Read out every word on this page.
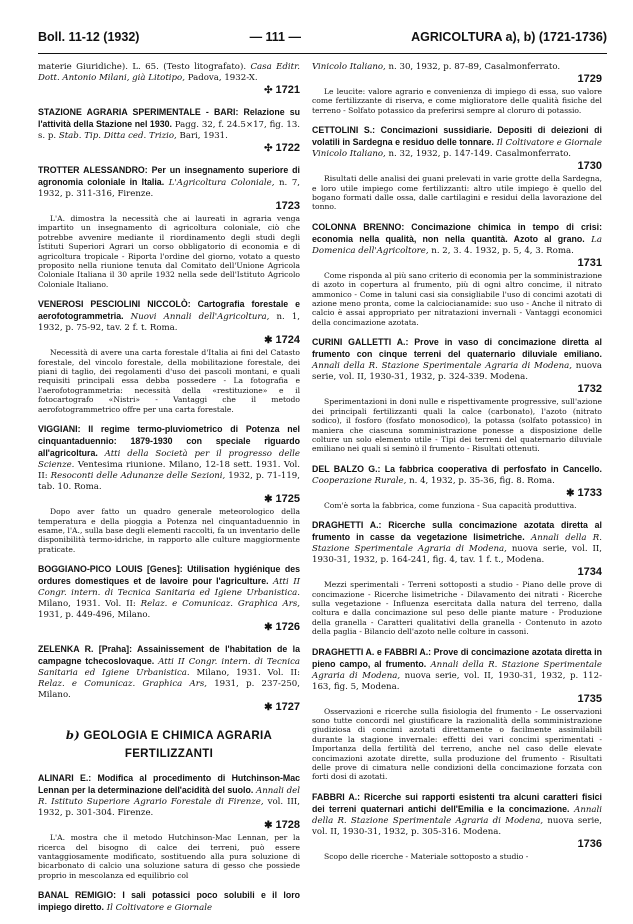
Boll. 11-12 (1932)	— 111 —	AGRICOLTURA a), b) (1721-1736)
materie Giuridiche). L. 65. (Testo litografato). Casa Editr. Dott. Antonio Milani, già Litotipo, Padova, 1932-X.
✣ 1721
STAZIONE AGRARIA SPERIMENTALE - BARI: Relazione su l'attività della Stazione nel 1930. Pagg. 32, f. 24.5×17, fig. 13. s. p. Stab. Tip. Ditta ced. Trizio, Bari, 1931.
✣ 1722
TROTTER ALESSANDRO: Per un insegnamento superiore di agronomia coloniale in Italia. L'Agricoltura Coloniale, n. 7, 1932, p. 311-316, Firenze.
1723
L'A. dimostra la necessità che ai laureati in agraria venga impartito un insegnamento di agricoltura coloniale, ciò che potrebbe avvenire mediante il riordinamento degli studi degli Istituti Superiori Agrari un corso obbligatorio di economia e di agricoltura tropicale - Riporta l'ordine del giorno, votato a questo proposito nella riunione tenuta dal Comitato dell'Unione Agricola Coloniale Italiana il 30 aprile 1932 nella sede dell'Istituto Agricolo Coloniale Italiano.
VENEROSI PESCIOLINI NICCOLÒ: Cartografia forestale e aerofotogrammetria. Nuovi Annali dell'Agricoltura, n. 1, 1932, p. 75-92, tav. 2 f. t. Roma.
✱ 1724
Necessità di avere una carta forestale d'Italia ai fini del Catasto forestale, del vincolo forestale, della mobilitazione forestale, dei piani di taglio, dei regolamenti d'uso dei pascoli montani, e quali requisiti principali essa debba possedere - La fotografia e l'aerofotogrammetria: necessità della «restituzione» e il fotocartografo «Nistri» - Vantaggi che il metodo aerofotogrammetrico offre per una carta forestale.
VIGGIANI: Il regime termo-pluviometrico di Potenza nel cinquantaduennio: 1879-1930 con speciale riguardo all'agricoltura. Atti della Società per il progresso delle Scienze. Ventesima riunione. Milano, 12-18 sett. 1931. Vol. II: Resoconti delle Adunanze delle Sezioni, 1932, p. 71-119, tab. 10. Roma.
✱ 1725
Dopo aver fatto un quadro generale meteorologico della temperatura e della pioggia a Potenza nel cinquantaduennio in esame, l'A., sulla base degli elementi raccolti, fa un inventario delle disponibilità termo-idriche, in rapporto alle culture maggiormente praticate.
BOGGIANO-PICO LOUIS [Genes]: Utilisation hygiénique des ordures domestiques et de lavoire pour l'agriculture. Atti II Congr. intern. di Tecnica Sanitaria ed Igiene Urbanistica. Milano, 1931. Vol. II: Relaz. e Comunicaz. Graphica Ars, 1931, p. 449-496, Milano.
✱ 1726
ZELENKA R. [Praha]: Assainissement de l'habitation de la campagne tchecoslovaque. Atti II Congr. intern. di Tecnica Sanitaria ed Igiene Urbanistica. Milano, 1931. Vol. II: Relaz. e Comunicaz. Graphica Ars, 1931, p. 237-250, Milano.
✱ 1727
b) GEOLOGIA E CHIMICA AGRARIA
FERTILIZZANTI
ALINARI E.: Modifica al procedimento di Hutchinson-Mac Lennan per la determinazione dell'acidità del suolo. Annali del R. Istituto Superiore Agrario Forestale di Firenze, vol. III, 1932, p. 301-304. Firenze.
✱ 1728
L'A. mostra che il metodo Hutchinson-Mac Lennan, per la ricerca del bisogno di calce dei terreni, può essere vantaggiosamente modificato, sostituendo alla pura soluzione di bicarbonato di calcio una soluzione satura di gesso che possiede proprio in mescolanza ed equilibrio col
BANAL REMIGIO: I sali potassici poco solubili e il loro impiego diretto. Il Coltivatore e Giornale
Vinicolo Italiano, n. 30, 1932, p. 87-89, Casalmonferrato.
1729
Le leucite: valore agrario e convenienza di impiego di essa, suo valore come fertilizzante di riserva, e come miglioratore delle qualità fisiche del terreno - Solfato potassico da preferirsi sempre al cloruro di potassio.
CETTOLINI S.: Concimazioni sussidiarie. Depositi di deiezioni di volatili in Sardegna e residuo delle tonnare. Il Coltivatore e Giornale Vinicolo Italiano, n. 32, 1932, p. 147-149. Casalmonferrato.
1730
Risultati delle analisi dei guani prelevati in varie grotte della Sardegna, e loro utile impiego come fertilizzanti: altro utile impiego è quello del bogano formati dalle ossa, dalle cartilagini e residui della lavorazione del tonno.
COLONNA BRENNO: Concimazione chimica in tempo di crisi: economia nella qualità, non nella quantità. Azoto al grano. La Domenica dell'Agricoltore, n. 2, 3. 4. 1932, p. 5, 4, 3. Roma.
1731
Come risponda al più sano criterio di economia per la somministrazione di azoto in copertura al frumento, più di ogni altro concime, il nitrato ammonico - Come in taluni casi sia consigliabile l'uso di concimi azotati di azione meno pronta, come la calciocianamide: suo uso - Anche il nitrato di calcio è assai appropriato per nitratazioni invernali - Vantaggi economici della concimazione azotata.
CURINI GALLETTI A.: Prove in vaso di concimazione diretta al frumento con cinque terreni del quaternario diluviale emiliano. Annali della R. Stazione Sperimentale Agraria di Modena, nuova serie, vol. II, 1930-31, 1932, p. 324-339. Modena.
1732
Sperimentazioni in doni nulle e rispettivamente progressive, sull'azione dei principali fertilizzanti quali la calce (carbonato), l'azoto (nitrato sodico), il fosforo (fosfato monosodico), la potassa (solfato potassico) in maniera che ciascuna somministrazione ponesse a disposizione delle colture un solo elemento utile - Tipi dei terreni del quaternario diluviale emiliano nei quali si seminò il frumento - Risultati ottenuti.
DEL BALZO G.: La fabbrica cooperativa di perfosfato in Cancello. Cooperazione Rurale, n. 4, 1932, p. 35-36, fig. 8. Roma.
✱ 1733
Com'è sorta la fabbrica, come funziona - Sua capacità produttiva.
DRAGHETTI A.: Ricerche sulla concimazione azotata diretta al frumento in casse da vegetazione lisimetriche. Annali della R. Stazione Sperimentale Agraria di Modena, nuova serie, vol. II, 1930-31, 1932, p. 164-241, fig. 4, tav. 1 f. t., Modena.
1734
Mezzi sperimentali - Terreni sottoposti a studio - Piano delle prove di concimazione - Ricerche lisimetriche - Dilavamento dei nitrati - Ricerche sulla vegetazione - Influenza esercitata dalla natura del terreno, dalla coltura e dalla concimazione sul peso delle piante mature - Produzione della granella - Caratteri qualitativi della granella - Contenuto in azoto della paglia - Bilancio dell'azoto nelle colture in cassoni.
DRAGHETTI A. e FABBRI A.: Prove di concimazione azotata diretta in pieno campo, al frumento. Annali della R. Stazione Sperimentale Agraria di Modena, nuova serie, vol. II, 1930-31, 1932, p. 112-163, fig. 5, Modena.
1735
Osservazioni e ricerche sulla fisiologia del frumento - Le osservazioni sono tutte concordi nel giustificare la razionalità della somministrazione giudiziosa di concimi azotati direttamente o facilmente assimilabili durante la stagione invernale: effetti dei vari concimi sperimentati - Importanza della fertilità del terreno, anche nel caso delle elevate concimazioni azotate dirette, sulla produzione del frumento - Risultati delle prove di cimatura nelle condizioni della concimazione forzata con forti dosi di azotati.
FABBRI A.: Ricerche sui rapporti esistenti tra alcuni caratteri fisici dei terreni quaternari antichi dell'Emilia e la concimazione. Annali della R. Stazione Sperimentale Agraria di Modena, nuova serie, vol. II, 1930-31, 1932, p. 305-316. Modena.
1736
Scopo delle ricerche - Materiale sottoposto a studio -
